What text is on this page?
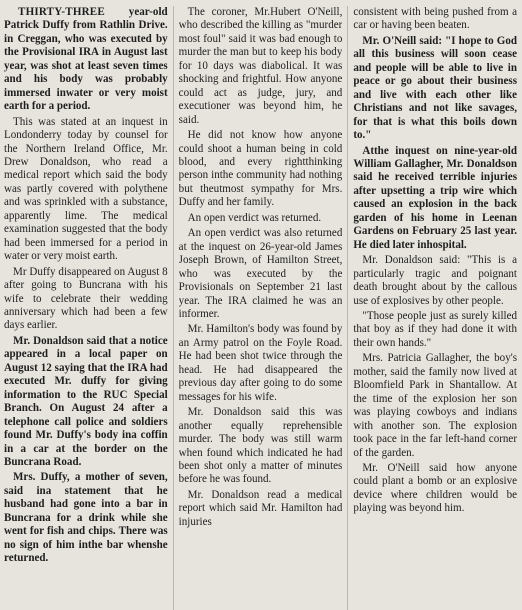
THIRTY-THREE year-old Patrick Duffy from Rathlin Drive. in Creggan, who was executed by the Provisional IRA in August last year, was shot at least seven times and his body was probably immersed inwater or very moist earth for a period.

This was stated at an inquest in Londonderry today by counsel for the Northern Ireland Office, Mr. Drew Donaldson, who read a medical report which said the body was partly covered with polythene and was sprinkled with a substance, apparently lime. The medical examination suggested that the body had been immersed for a period in water or very moist earth.

Mr Duffy disappeared on August 8 after going to Buncrana with his wife to celebrate their wedding anniversary which had been a few days earlier.

Mr. Donaldson said that a notice appeared in a local paper on August 12 saying that the IRA had executed Mr. duffy for giving information to the RUC Special Branch. On August 24 after a telephone call police and soldiers found Mr. Duffy's body ina coffin in a car at the border on the Buncrana Road.

Mrs. Duffy, a mother of seven, said ina statement that he husband had gone into a bar in Buncrana for a drink while she went for fish and chips. There was no sign of him inthe bar whenshe returned.

The coroner, Mr.Hubert O'Neill, who described the killing as "murder most foul" said it was bad enough to murder the man but to keep his body for 10 days was diabolical. It was shocking and frightful. How anyone could act as judge, jury, and executioner was beyond him, he said.

He did not know how anyone could shoot a human being in cold blood, and every rightthinking person inthe community had nothing but theutmost sympathy for Mrs. Duffy and her family.

An open verdict was returned.

An open verdict was also returned at the inquest on 26-year-old James Joseph Brown, of Hamilton Street, who was executed by the Provisionals on September 21 last year. The IRA claimed he was an informer.

Mr. Hamilton's body was found by an Army patrol on the Foyle Road. He had been shot twice through the head. He had disappeared the previous day after going to do some messages for his wife.

Mr. Donaldson said this was another equally reprehensible murder. The body was still warm when found which indicated he had been shot only a matter of minutes before he was found.

Mr. Donaldson read a medical report which said Mr. Hamilton had injuries

consistent with being pushed from a car or having been beaten.

Mr. O'Neill said: "I hope to God all this business will soon cease and people will be able to live in peace or go about their business and live with each other like Christians and not like savages, for that is what this boils down to."

Atthe inquest on nine-year-old William Gallagher, Mr. Donaldson said he received terrible injuries after upsetting a trip wire which caused an explosion in the back garden of his home in Leenan Gardens on February 25 last year. He died later inhospital.

Mr. Donaldson said: "This is a particularly tragic and poignant death brought about by the callous use of explosives by other people.

"Those people just as surely killed that boy as if they had done it with their own hands."

Mrs. Patricia Gallagher, the boy's mother, said the family now lived at Bloomfield Park in Shantallow. At the time of the explosion her son was playing cowboys and indians with another son. The explosion took pace in the far left-hand corner of the garden.

Mr. O'Neill said how anyone could plant a bomb or an explosive device where children would be playing was beyond him.
